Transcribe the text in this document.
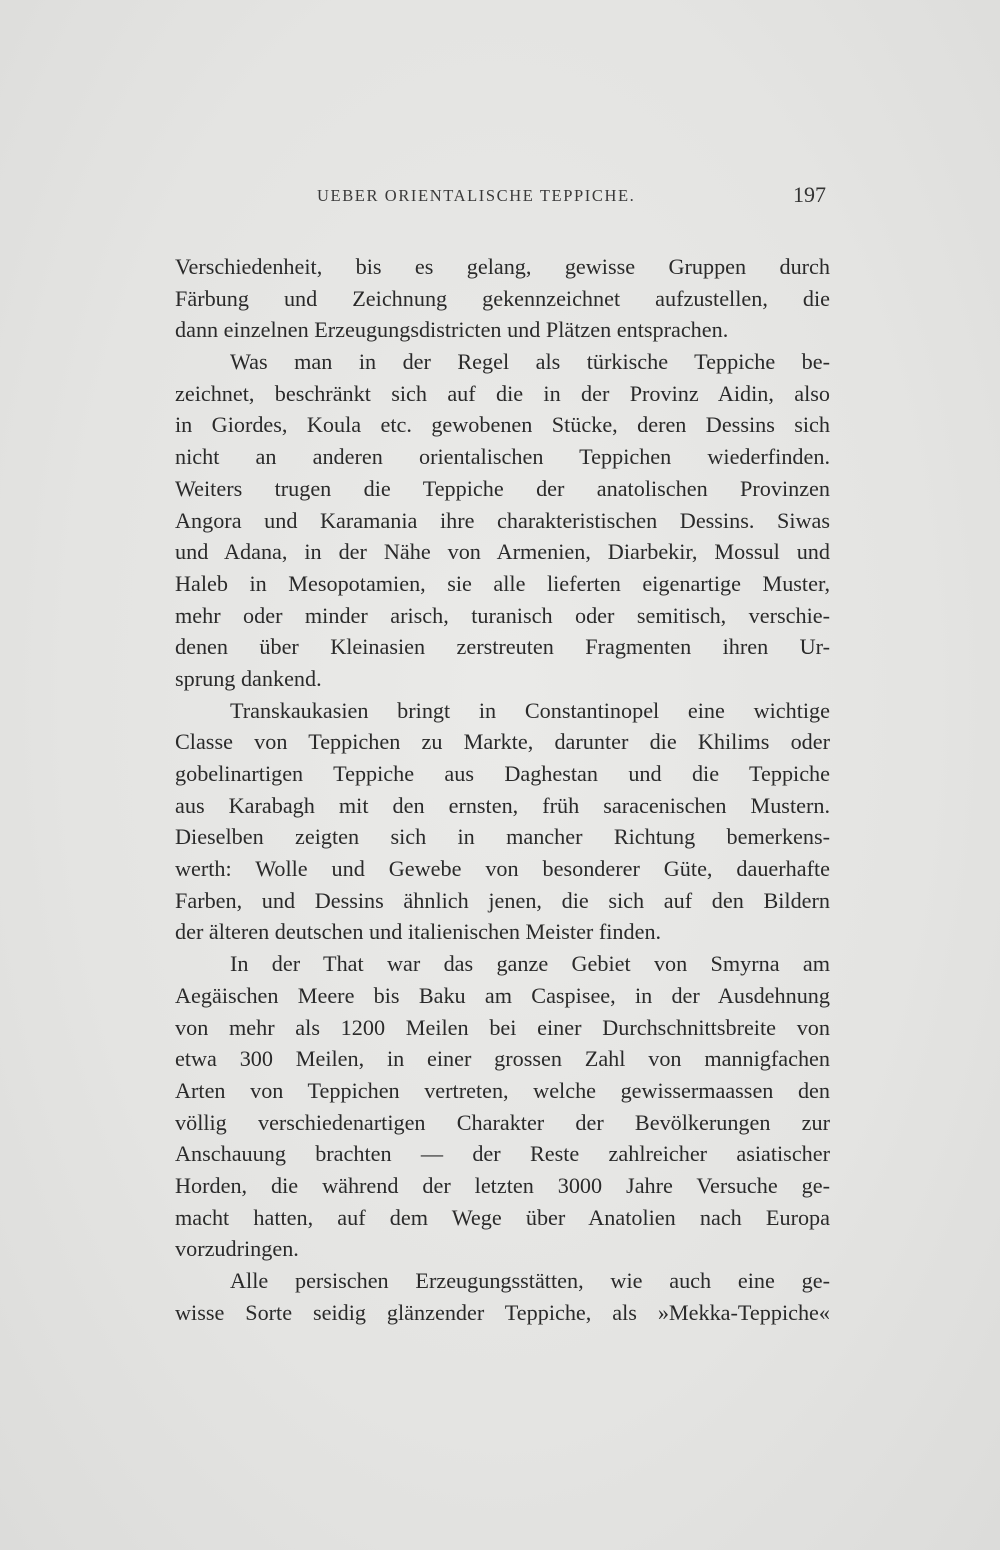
UEBER ORIENTALISCHE TEPPICHE.	197
Verschiedenheit, bis es gelang, gewisse Gruppen durch
Färbung und Zeichnung gekennzeichnet aufzustellen, die
dann einzelnen Erzeugungsdistricten und Plätzen entsprachen.
Was man in der Regel als türkische Teppiche be-
zeichnet, beschränkt sich auf die in der Provinz Aidin, also
in Giordes, Koula etc. gewobenen Stücke, deren Dessins sich
nicht an anderen orientalischen Teppichen wiederfinden.
Weiters trugen die Teppiche der anatolischen Provinzen
Angora und Karamania ihre charakteristischen Dessins. Siwas
und Adana, in der Nähe von Armenien, Diarbekir, Mossul und
Haleb in Mesopotamien, sie alle lieferten eigenartige Muster,
mehr oder minder arisch, turanisch oder semitisch, verschie-
denen über Kleinasien zerstreuten Fragmenten ihren Ur-
sprung dankend.
Transkaukasien bringt in Constantinopel eine wichtige
Classe von Teppichen zu Markte, darunter die Khilims oder
gobelinartigen Teppiche aus Daghestan und die Teppiche
aus Karabagh mit den ernsten, früh saracenischen Mustern.
Dieselben zeigten sich in mancher Richtung bemerkens-
werth: Wolle und Gewebe von besonderer Güte, dauerhafte
Farben, und Dessins ähnlich jenen, die sich auf den Bildern
der älteren deutschen und italienischen Meister finden.
In der That war das ganze Gebiet von Smyrna am
Aegäischen Meere bis Baku am Caspisee, in der Ausdehnung
von mehr als 1200 Meilen bei einer Durchschnittsbreite von
etwa 300 Meilen, in einer grossen Zahl von mannigfachen
Arten von Teppichen vertreten, welche gewissermaassen den
völlig verschiedenartigen Charakter der Bevölkerungen zur
Anschauung brachten — der Reste zahlreicher asiatischer
Horden, die während der letzten 3000 Jahre Versuche ge-
macht hatten, auf dem Wege über Anatolien nach Europa
vorzudringen.
Alle persischen Erzeugungsstätten, wie auch eine ge-
wisse Sorte seidig glänzender Teppiche, als »Mekka-Teppiche«
